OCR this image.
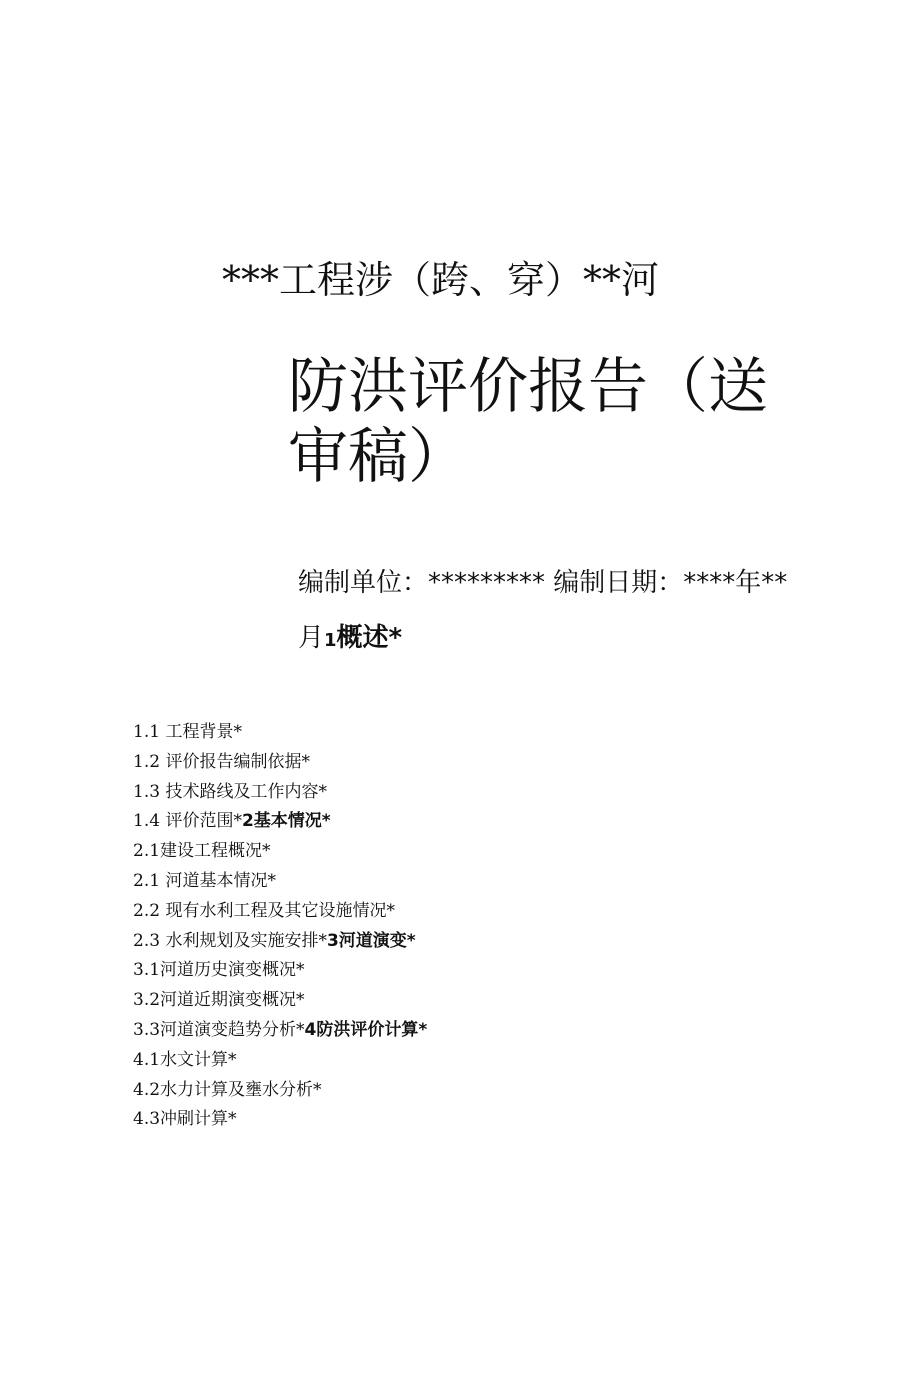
***工程涉（跨、穿）**河
防洪评价报告（送
审稿）
编制单位：********* 编制日期：****年**
月1概述*
1.1 工程背景*
1.2 评价报告编制依据*
1.3 技术路线及工作内容*
1.4 评价范围*2基本情况*
2.1建设工程概况*
2.1 河道基本情况*
2.2 现有水利工程及其它设施情况*
2.3 水利规划及实施安排*3河道演变*
3.1河道历史演变概况*
3.2河道近期演变概况*
3.3河道演变趋势分析*4防洪评价计算*
4.1水文计算*
4.2水力计算及壅水分析*
4.3冲刷计算*
